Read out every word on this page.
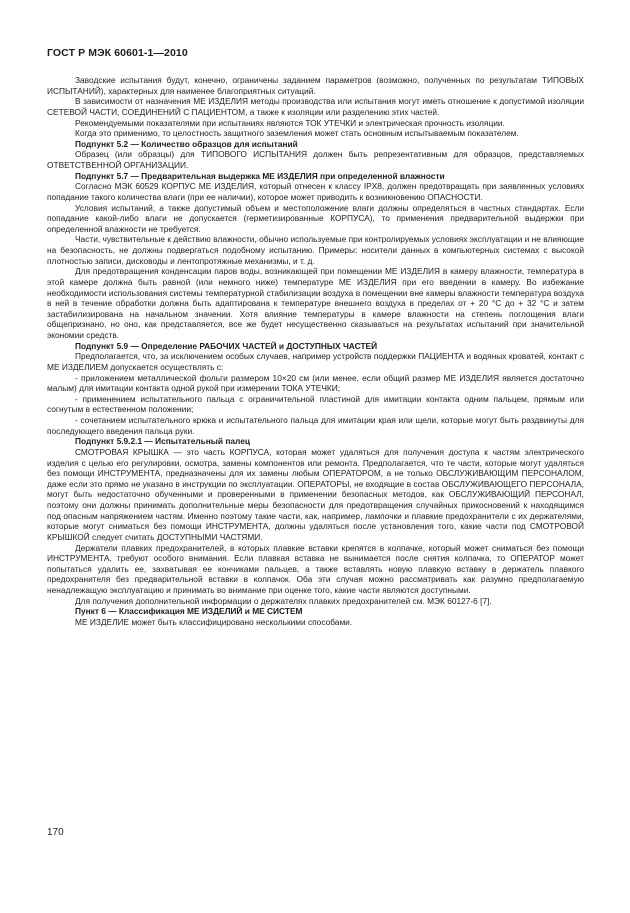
ГОСТ Р МЭК 60601-1—2010

Заводские испытания будут, конечно, ограничены заданием параметров (возможно, полученных по результатам ТИПОВЫХ ИСПЫТАНИЙ), характерных для наименее благоприятных ситуаций.

В зависимости от назначения МЕ ИЗДЕЛИЯ методы производства или испытания могут иметь отношение к допустимой изоляции СЕТЕВОЙ ЧАСТИ, СОЕДИНЕНИЙ С ПАЦИЕНТОМ, а также к изоляции или разделению этих частей.

Рекомендуемыми показателями при испытаниях являются ТОК УТЕЧКИ и электрическая прочность изоляции.

Когда это применимо, то целостность защитного заземления может стать основным испытываемым показателем.

Подпункт 5.2 — Количество образцов для испытаний

Образец (или образцы) для ТИПОВОГО ИСПЫТАНИЯ должен быть репрезентативным для образцов, представляемых ОТВЕТСТВЕННОЙ ОРГАНИЗАЦИИ.

Подпункт 5.7 — Предварительная выдержка МЕ ИЗДЕЛИЯ при определенной влажности

Согласно МЭК 60529 КОРПУС МЕ ИЗДЕЛИЯ, который отнесен к классу IPX8, должен предотвращать при заявленных условиях попадание такого количества влаги (при ее наличии), которое может приводить к возникновению ОПАСНОСТИ.

Условия испытаний, а также допустимый объем и местоположение влаги должны определяться в частных стандартах. Если попадание какой-либо влаги не допускается (герметизированные КОРПУСА), то применения предварительной выдержки при определенной влажности не требуется.

Части, чувствительные к действию влажности, обычно используемые при контролируемых условиях эксплуатации и не влияющие на безопасность, не должны подвергаться подобному испытанию. Примеры: носители данных в компьютерных системах с высокой плотностью записи, дисководы и лентопротяжные механизмы, и т. д.

Для предотвращения конденсации паров воды, возникающей при помещении МЕ ИЗДЕЛИЯ в камеру влажности, температура в этой камере должна быть равной (или немного ниже) температуре МЕ ИЗДЕЛИЯ при его введении в камеру. Во избежание необходимости использования системы температурной стабилизации воздуха в помещении вне камеры влажности температура воздуха в ней в течение обработки должна быть адаптирована к температуре внешнего воздуха в пределах от + 20 °С до + 32 °С и затем застабилизирована на начальном значении. Хотя влияние температуры в камере влажности на степень поглощения влаги общепризнано, но оно, как представляется, все же будет несущественно сказываться на результатах испытаний при значительной экономии средств.

Подпункт 5.9 — Определение РАБОЧИХ ЧАСТЕЙ и ДОСТУПНЫХ ЧАСТЕЙ

Предполагается, что, за исключением особых случаев, например устройств поддержки ПАЦИЕНТА и водяных кроватей, контакт с МЕ ИЗДЕЛИЕМ допускается осуществлять с:

- приложением металлической фольги размером 10×20 см (или менее, если общий размер МЕ ИЗДЕЛИЯ является достаточно малым) для имитации контакта одной рукой при измерении ТОКА УТЕЧКИ;

- применением испытательного пальца с ограничительной пластиной для имитации контакта одним пальцем, прямым или согнутым в естественном положении;

- сочетанием испытательного крюка и испытательного пальца для имитации края или щели, которые могут быть раздвинуты для последующего введения пальца руки.

Подпункт 5.9.2.1 — Испытательный палец

СМОТРОВАЯ КРЫШКА — это часть КОРПУСА, которая может удаляться для получения доступа к частям электрического изделия с целью его регулировки, осмотра, замены компонентов или ремонта. Предполагается, что те части, которые могут удаляться без помощи ИНСТРУМЕНТА, предназначены для их замены любым ОПЕРАТОРОМ, а не только ОБСЛУЖИВАЮЩИМ ПЕРСОНАЛОМ, даже если это прямо не указано в инструкции по эксплуатации. ОПЕРАТОРЫ, не входящие в состав ОБСЛУЖИВАЮЩЕГО ПЕРСОНАЛА, могут быть недостаточно обученными и проверенными в применении безопасных методов, как ОБСЛУЖИВАЮЩИЙ ПЕРСОНАЛ, поэтому они должны принимать дополнительные меры безопасности для предотвращения случайных прикосновений к находящимся под опасным напряжением частям. Именно поэтому такие части, как, например, лампочки и плавкие предохранители с их держателями, которые могут сниматься без помощи ИНСТРУМЕНТА, должны удаляться после установления того, какие части под СМОТРОВОЙ КРЫШКОЙ следует считать ДОСТУПНЫМИ ЧАСТЯМИ.

Держатели плавких предохранителей, в которых плавкие вставки крепятся в колпачке, который может сниматься без помощи ИНСТРУМЕНТА, требуют особого внимания. Если плавкая вставка не вынимается после снятия колпачка, то ОПЕРАТОР может попытаться удалить ее, захватывая ее кончиками пальцев, а также вставлять новую плавкую вставку в держатель плавкого предохранителя без предварительной вставки в колпачок. Оба эти случая можно рассматривать как разумно предполагаемую ненадлежащую эксплуатацию и принимать во внимание при оценке того, какие части являются доступными.

Для получения дополнительной информации о держателях плавких предохранителей см. МЭК 60127-6 [7].

Пункт 6 — Классификация МЕ ИЗДЕЛИЙ и МЕ СИСТЕМ

МЕ ИЗДЕЛИЕ может быть классифицировано несколькими способами.

170
